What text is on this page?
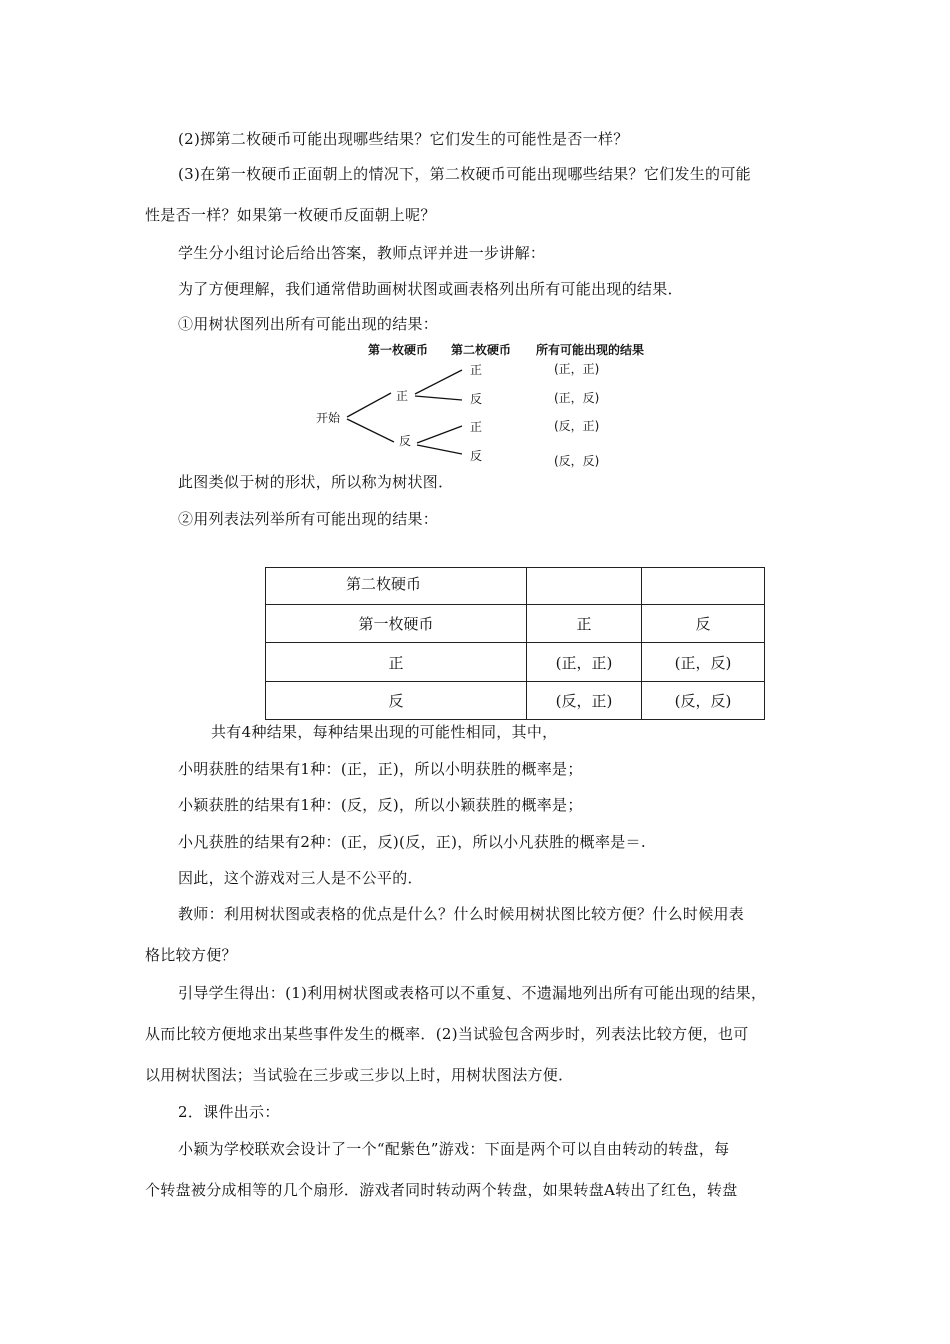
(2)掷第二枚硬币可能出现哪些结果？它们发生的可能性是否一样？
(3)在第一枚硬币正面朝上的情况下，第二枚硬币可能出现哪些结果？它们发生的可能
性是否一样？如果第一枚硬币反面朝上呢？
学生分小组讨论后给出答案，教师点评并进一步讲解：
为了方便理解，我们通常借助画树状图或画表格列出所有可能出现的结果．
①用树状图列出所有可能出现的结果：
第一枚硬币 第二枚硬币 所有可能出现的结果
开始
正
反
正
反
正
反
(正，正)
(正，反)
(反，正)
(反，反)
此图类似于树的形状，所以称为树状图．
②用列表法列举所有可能出现的结果：
第二枚硬币		
第一枚硬币	正	反
正	(正，正)	(正，反)
反	(反，正)	(反，反)
共有4种结果，每种结果出现的可能性相同，其中，
小明获胜的结果有1种：(正，正)，所以小明获胜的概率是；
小颖获胜的结果有1种：(反，反)，所以小颖获胜的概率是；
小凡获胜的结果有2种：(正，反)(反，正)，所以小凡获胜的概率是＝.
因此，这个游戏对三人是不公平的．
教师：利用树状图或表格的优点是什么？什么时候用树状图比较方便？什么时候用表
格比较方便？
引导学生得出：(1)利用树状图或表格可以不重复、不遗漏地列出所有可能出现的结果，
从而比较方便地求出某些事件发生的概率．(2)当试验包含两步时，列表法比较方便，也可
以用树状图法；当试验在三步或三步以上时，用树状图法方便．
2．课件出示：
小颖为学校联欢会设计了一个“配紫色”游戏：下面是两个可以自由转动的转盘，每
个转盘被分成相等的几个扇形．游戏者同时转动两个转盘，如果转盘A转出了红色，转盘
